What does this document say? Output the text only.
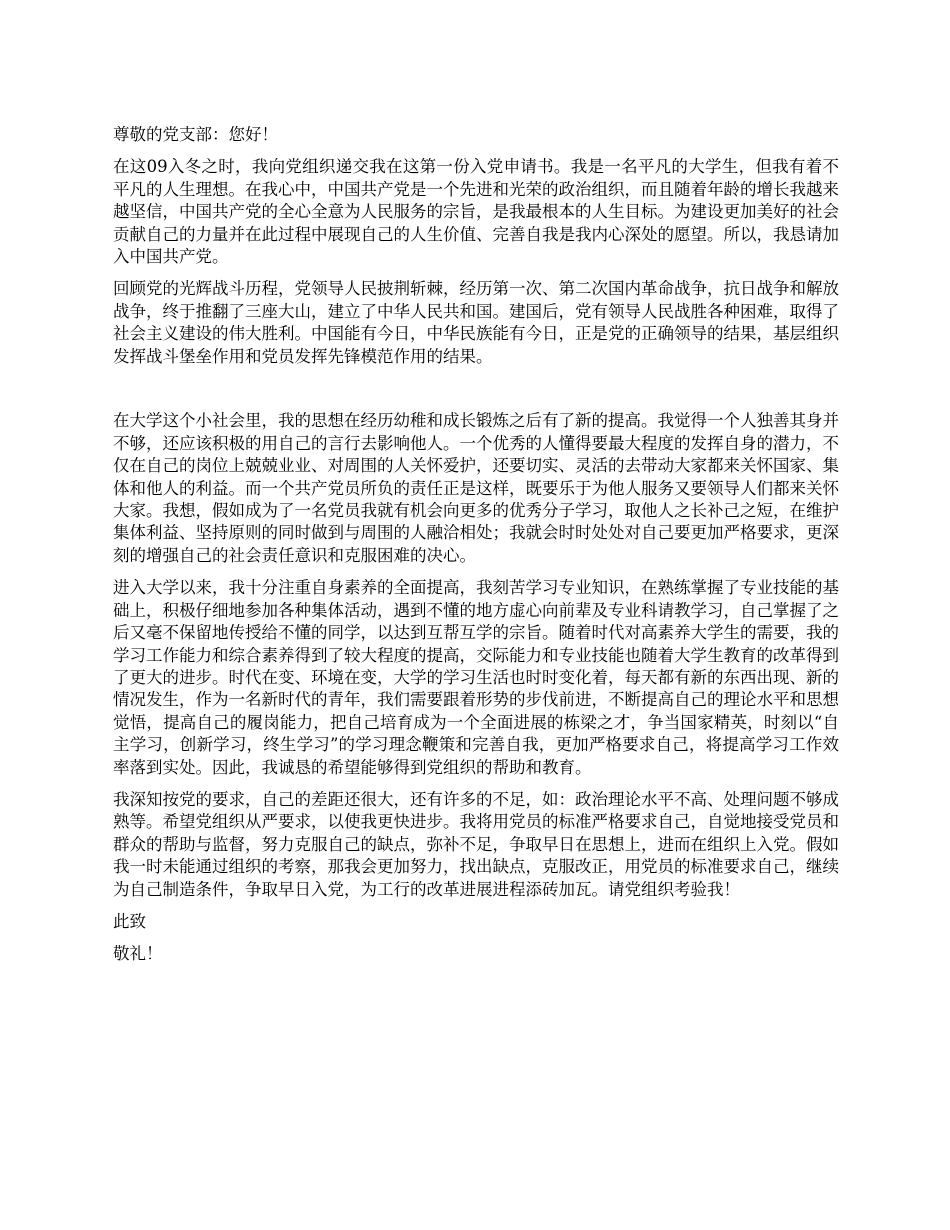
尊敬的党支部：您好！

在这09入冬之时，我向党组织递交我在这第一份入党申请书。我是一名平凡的大学生，但我有着不平凡的人生理想。在我心中，中国共产党是一个先进和光荣的政治组织，而且随着年龄的增长我越来越坚信，中国共产党的全心全意为人民服务的宗旨，是我最根本的人生目标。为建设更加美好的社会贡献自己的力量并在此过程中展现自己的人生价值、完善自我是我内心深处的愿望。所以，我恳请加入中国共产党。

回顾党的光辉战斗历程，党领导人民披荆斩棘，经历第一次、第二次国内革命战争，抗日战争和解放战争，终于推翻了三座大山，建立了中华人民共和国。建国后，党有领导人民战胜各种困难，取得了社会主义建设的伟大胜利。中国能有今日，中华民族能有今日，正是党的正确领导的结果，基层组织发挥战斗堡垒作用和党员发挥先锋模范作用的结果。

在大学这个小社会里，我的思想在经历幼稚和成长锻炼之后有了新的提高。我觉得一个人独善其身并不够，还应该积极的用自己的言行去影响他人。一个优秀的人懂得要最大程度的发挥自身的潜力，不仅在自己的岗位上兢兢业业、对周围的人关怀爱护，还要切实、灵活的去带动大家都来关怀国家、集体和他人的利益。而一个共产党员所负的责任正是这样，既要乐于为他人服务又要领导人们都来关怀大家。我想，假如成为了一名党员我就有机会向更多的优秀分子学习，取他人之长补己之短，在维护集体利益、坚持原则的同时做到与周围的人融洽相处；我就会时时处处对自己要更加严格要求，更深刻的增强自己的社会责任意识和克服困难的决心。

进入大学以来，我十分注重自身素养的全面提高，我刻苦学习专业知识，在熟练掌握了专业技能的基础上，积极仔细地参加各种集体活动，遇到不懂的地方虚心向前辈及专业科请教学习，自己掌握了之后又毫不保留地传授给不懂的同学，以达到互帮互学的宗旨。随着时代对高素养大学生的需要，我的学习工作能力和综合素养得到了较大程度的提高，交际能力和专业技能也随着大学生教育的改革得到了更大的进步。时代在变、环境在变，大学的学习生活也时时变化着，每天都有新的东西出现、新的情况发生，作为一名新时代的青年，我们需要跟着形势的步伐前进，不断提高自己的理论水平和思想觉悟，提高自己的履岗能力，把自己培育成为一个全面进展的栋梁之才，争当国家精英，时刻以“自主学习，创新学习，终生学习”的学习理念鞭策和完善自我，更加严格要求自己，将提高学习工作效率落到实处。因此，我诚恳的希望能够得到党组织的帮助和教育。

我深知按党的要求，自己的差距还很大，还有许多的不足，如：政治理论水平不高、处理问题不够成熟等。希望党组织从严要求，以使我更快进步。我将用党员的标准严格要求自己，自觉地接受党员和群众的帮助与监督，努力克服自己的缺点，弥补不足，争取早日在思想上，进而在组织上入党。假如我一时未能通过组织的考察，那我会更加努力，找出缺点，克服改正，用党员的标准要求自己，继续为自己制造条件，争取早日入党，为工行的改革进展进程添砖加瓦。请党组织考验我！

此致

敬礼！
